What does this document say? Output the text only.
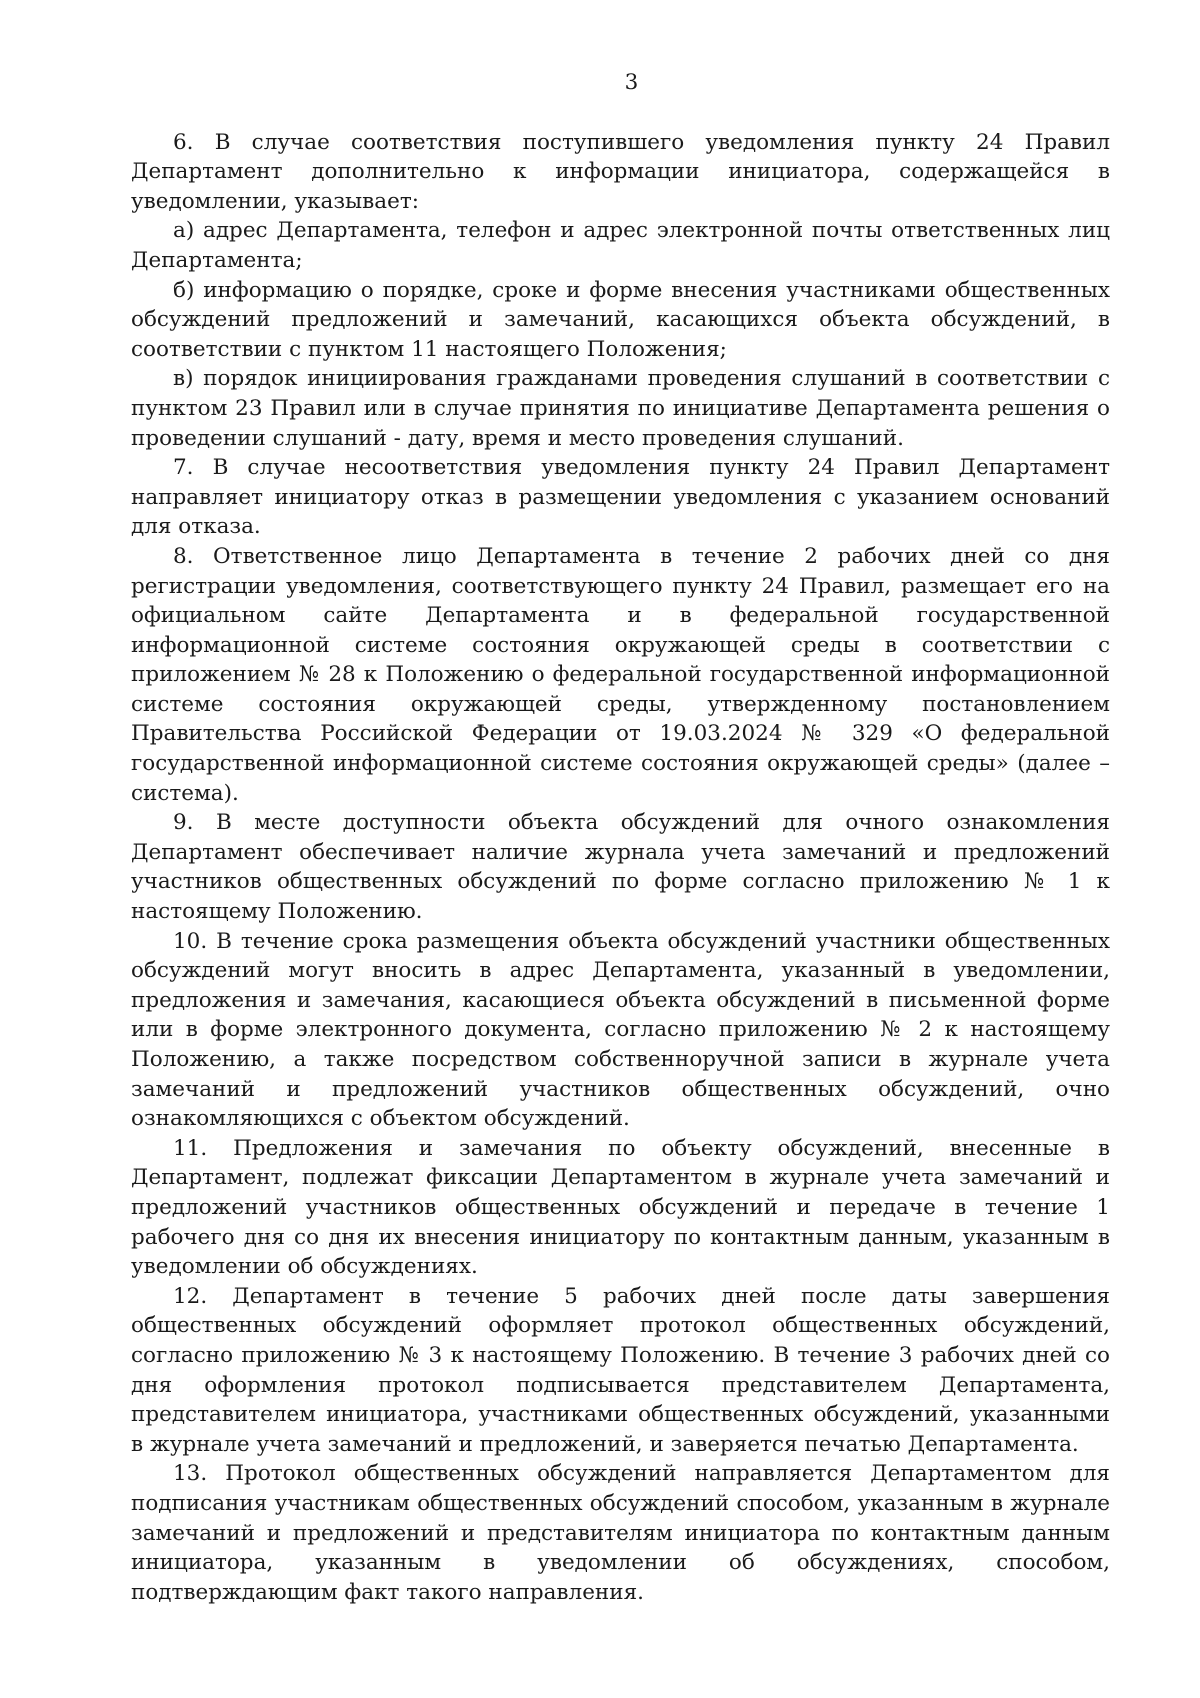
3

6. В случае соответствия поступившего уведомления пункту 24 Правил Департамент дополнительно к информации инициатора, содержащейся в уведомлении, указывает:

а) адрес Департамента, телефон и адрес электронной почты ответственных лиц Департамента;

б) информацию о порядке, сроке и форме внесения участниками общественных обсуждений предложений и замечаний, касающихся объекта обсуждений, в соответствии с пунктом 11 настоящего Положения;

в) порядок инициирования гражданами проведения слушаний в соответствии с пунктом 23 Правил или в случае принятия по инициативе Департамента решения о проведении слушаний - дату, время и место проведения слушаний.

7. В случае несоответствия уведомления пункту 24 Правил Департамент направляет инициатору отказ в размещении уведомления с указанием оснований для отказа.

8. Ответственное лицо Департамента в течение 2 рабочих дней со дня регистрации уведомления, соответствующего пункту 24 Правил, размещает его на официальном сайте Департамента и в федеральной государственной информационной системе состояния окружающей среды в соответствии с приложением № 28 к Положению о федеральной государственной информационной системе состояния окружающей среды, утвержденному постановлением Правительства Российской Федерации от 19.03.2024 № 329 «О федеральной государственной информационной системе состояния окружающей среды» (далее – система).

9. В месте доступности объекта обсуждений для очного ознакомления Департамент обеспечивает наличие журнала учета замечаний и предложений участников общественных обсуждений по форме согласно приложению № 1 к настоящему Положению.

10. В течение срока размещения объекта обсуждений участники общественных обсуждений могут вносить в адрес Департамента, указанный в уведомлении, предложения и замечания, касающиеся объекта обсуждений в письменной форме или в форме электронного документа, согласно приложению № 2 к настоящему Положению, а также посредством собственноручной записи в журнале учета замечаний и предложений участников общественных обсуждений, очно ознакомляющихся с объектом обсуждений.

11. Предложения и замечания по объекту обсуждений, внесенные в Департамент, подлежат фиксации Департаментом в журнале учета замечаний и предложений участников общественных обсуждений и передаче в течение 1 рабочего дня со дня их внесения инициатору по контактным данным, указанным в уведомлении об обсуждениях.

12. Департамент в течение 5 рабочих дней после даты завершения общественных обсуждений оформляет протокол общественных обсуждений, согласно приложению № 3 к настоящему Положению. В течение 3 рабочих дней со дня оформления протокол подписывается представителем Департамента, представителем инициатора, участниками общественных обсуждений, указанными в журнале учета замечаний и предложений, и заверяется печатью Департамента.

13. Протокол общественных обсуждений направляется Департаментом для подписания участникам общественных обсуждений способом, указанным в журнале замечаний и предложений и представителям инициатора по контактным данным инициатора, указанным в уведомлении об обсуждениях, способом, подтверждающим факт такого направления.
